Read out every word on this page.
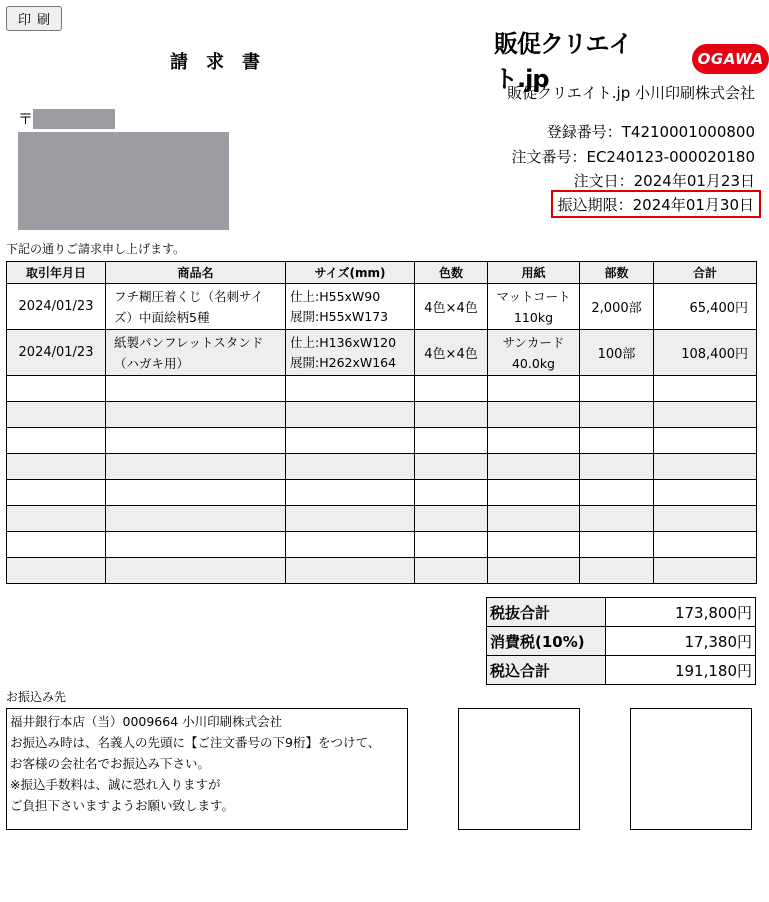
印刷
請　求　書
販促クリエイト.jp
OGAWA
販促クリエイト.jp 小川印刷株式会社
〒
登録番号：T4210001000800
注文番号：EC240123-000020180
注文日：2024年01月23日
振込期限：2024年01月30日
下記の通りご請求申し上げます。
取引年月日	商品名	サイズ(mm)	色数	用紙	部数	合計
2024/01/23	フチ糊圧着くじ（名刺サイズ）中面絵柄5種	仕上:H55xW90
展開:H55xW173	4色×4色	マットコート 110kg	2,000部	65,400円
2024/01/23	紙製パンフレットスタンド（ハガキ用）	仕上:H136xW120
展開:H262xW164	4色×4色	サンカード 40.0kg	100部	108,400円

税抜合計	173,800円
消費税(10%)	17,380円
税込合計	191,180円
お振込み先
福井銀行本店（当）0009664 小川印刷株式会社
お振込み時は、名義人の先頭に【ご注文番号の下9桁】をつけて、
お客様の会社名でお振込み下さい。
※振込手数料は、誠に恐れ入りますが
ご負担下さいますようお願い致します。
